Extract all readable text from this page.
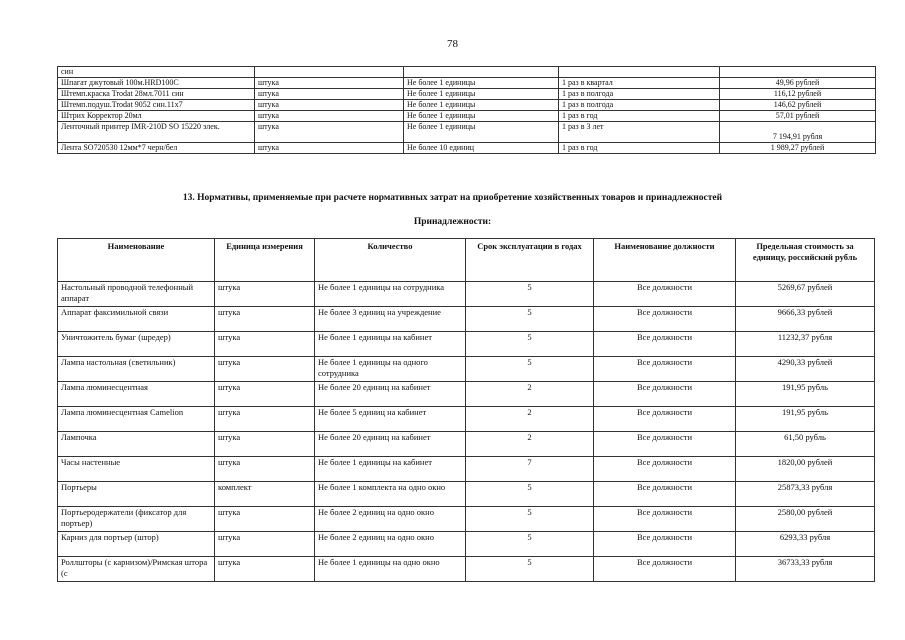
78
син				
Шпагат джутовый 100м.HRD100C	штука	Не более 1 единицы	1 раз в квартал	49,96 рублей
Штемп.краска Trodat 28мл.7011 син	штука	Не более 1 единицы	1 раз в полгода	116,12 рублей
Штемп.подуш.Trodat 9052 син.11х7	штука	Не более 1 единицы	1 раз в полгода	146,62 рублей
Штрих Корректор 20мл	штука	Не более 1 единицы	1 раз в год	57,01 рублей
Ленточный принтер IMR-210D SO 15220 элек.	штука	Не более 1 единицы	1 раз в 3 лет	7 194,91 рубля
Лента SO720530 12мм*7 черн/бел	штука	Не более 10 единиц	1 раз в год	1 989,27 рублей
13. Нормативы, применяемые при расчете нормативных затрат на приобретение хозяйственных товаров и принадлежностей
Принадлежности:
Наименование	Единица измерения	Количество	Срок эксплуатации в годах	Наименование должности	Предельная стоимость за единицу, российский рубль
Настольный проводной телефонный аппарат	штука	Не более 1 единицы на сотрудника	5	Все должности	5269,67 рублей
Аппарат факсимильной связи	штука	Не более 3 единиц на учреждение	5	Все должности	9666,33 рублей
Уничтожитель бумаг (шредер)	штука	Не более 1 единицы на кабинет	5	Все должности	11232,37 рубля
Лампа настольная (светильник)	штука	Не более 1 единицы на одного сотрудника	5	Все должности	4290,33 рублей
Лампа люминесцентная	штука	Не более 20 единиц на кабинет	2	Все должности	191,95 рубль
Лампа люминесцентная Camelion	штука	Не более 5 единиц на кабинет	2	Все должности	191,95 рубль
Лампочка	штука	Не более 20 единиц на кабинет	2	Все должности	61,50 рубль
Часы настенные	штука	Не более 1 единицы на кабинет	7	Все должности	1820,00 рублей
Портьеры	комплект	Не более 1 комплекта на одно окно	5	Все должности	25873,33 рубля
Портьеродержатели (фиксатор для портьер)	штука	Не более 2 единиц на одно окно	5	Все должности	2580,00 рублей
Карниз для портьер (штор)	штука	Не более 2 единиц на одно окно	5	Все должности	6293,33 рубля
Роллшторы (с карнизом)/Римская штора (с	штука	Не более 1 единицы на одно окно	5	Все должности	36733,33 рубля
